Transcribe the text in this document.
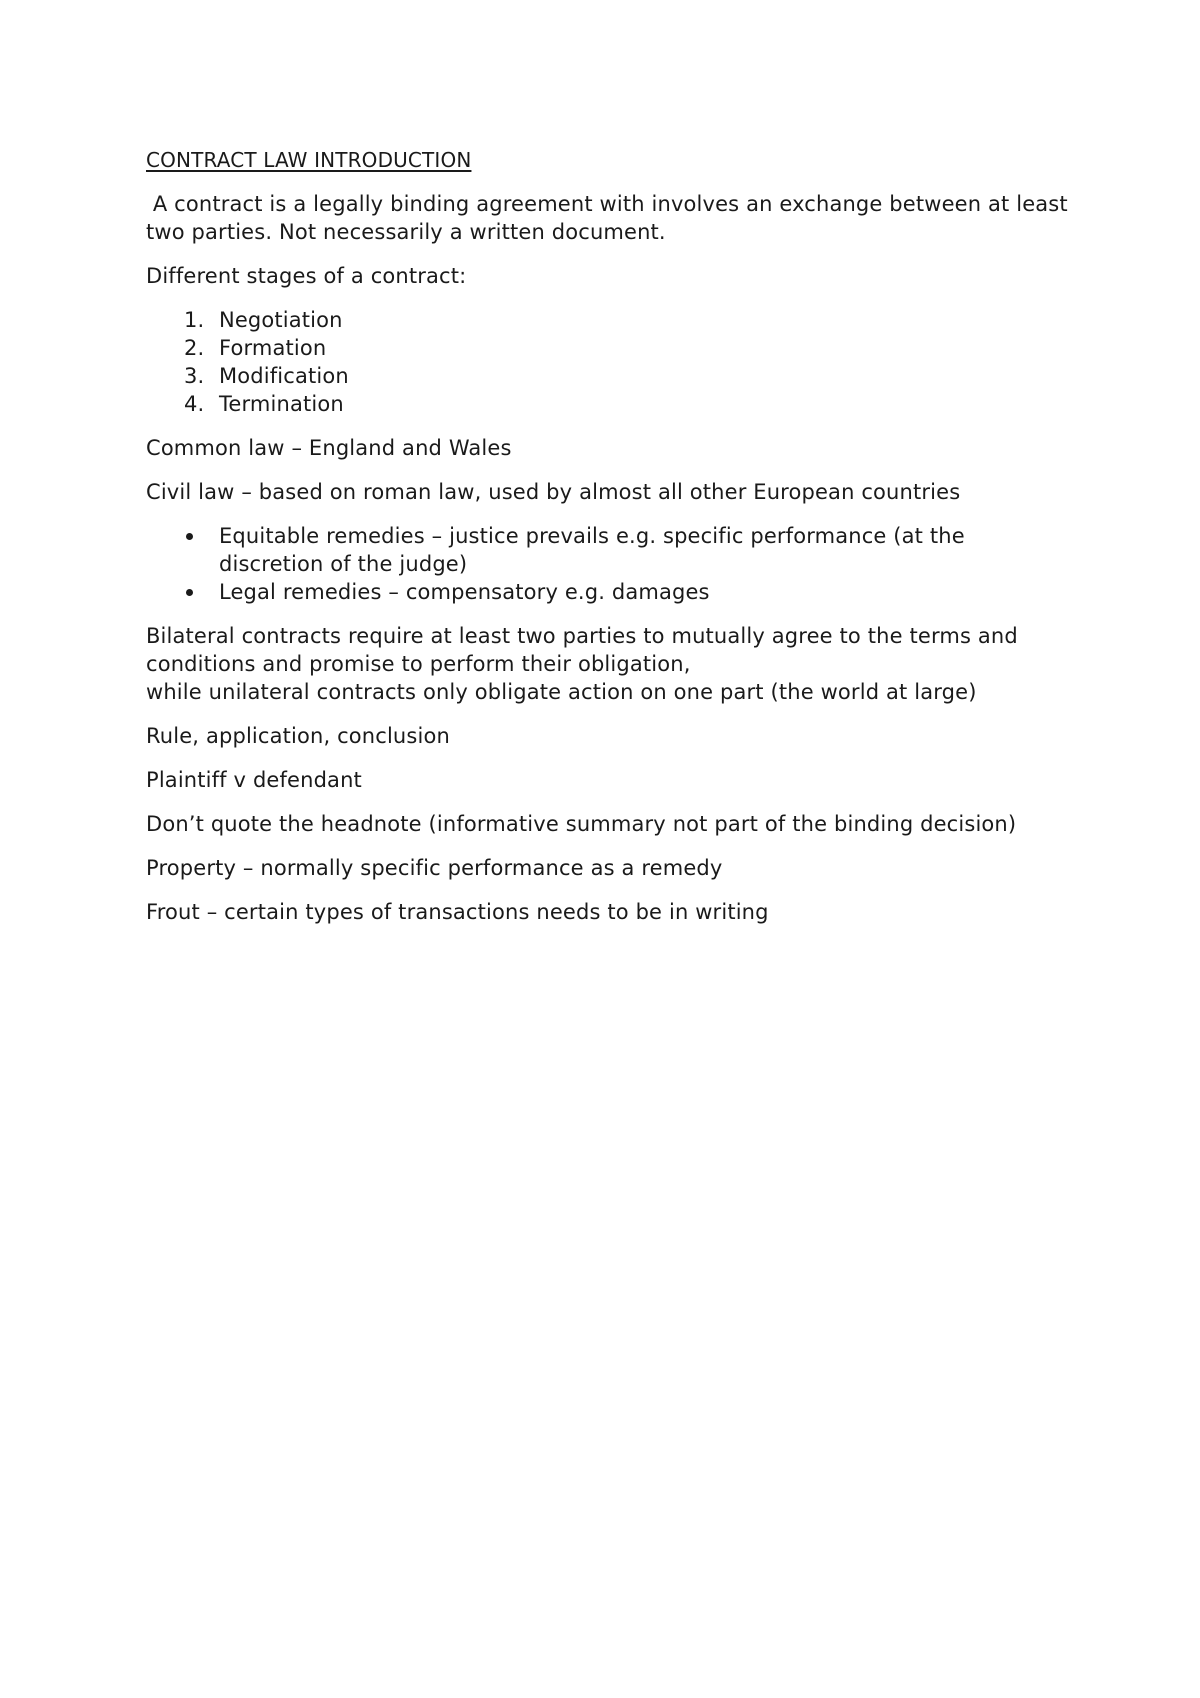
CONTRACT LAW INTRODUCTION

A contract is a legally binding agreement with involves an exchange between at least two parties. Not necessarily a written document.

Different stages of a contract:

1. Negotiation
2. Formation
3. Modification
4. Termination

Common law – England and Wales

Civil law – based on roman law, used by almost all other European countries

Equitable remedies – justice prevails e.g. specific performance (at the discretion of the judge)
Legal remedies – compensatory e.g. damages

Bilateral contracts require at least two parties to mutually agree to the terms and conditions and promise to perform their obligation,
while unilateral contracts only obligate action on one part (the world at large)

Rule, application, conclusion

Plaintiff v defendant

Don’t quote the headnote (informative summary not part of the binding decision)

Property – normally specific performance as a remedy

Frout – certain types of transactions needs to be in writing
